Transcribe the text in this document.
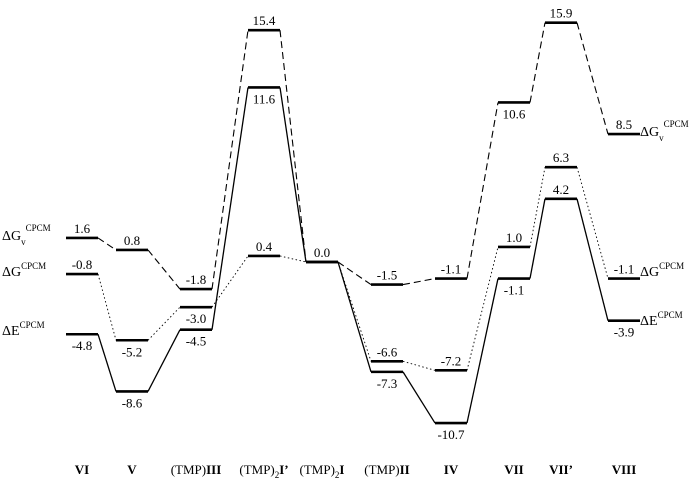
1.6
0.8
-1.8
15.4
0.0
-1.5	-1.1
10.6
15.9
8.5
-0.8
-5.2
-3.0
0.4
-6.6
-7.2
1.0
6.3
-1.1
-4.8
-8.6
-4.5
11.6
-7.3
-10.7
-1.1
4.2
-3.9
$\Delta G_v^{CPCM}$
$\Delta G_v^{CPCM}$
$\Delta G^{CPCM}$	$\Delta G^{CPCM}$
$\Delta E^{CPCM}$	$\Delta E^{CPCM}$
VI	V	(TMP)III $(TMP)_2I$’ $(TMP)_2I$ (TMP)II	IV	VII VII’	VIII
